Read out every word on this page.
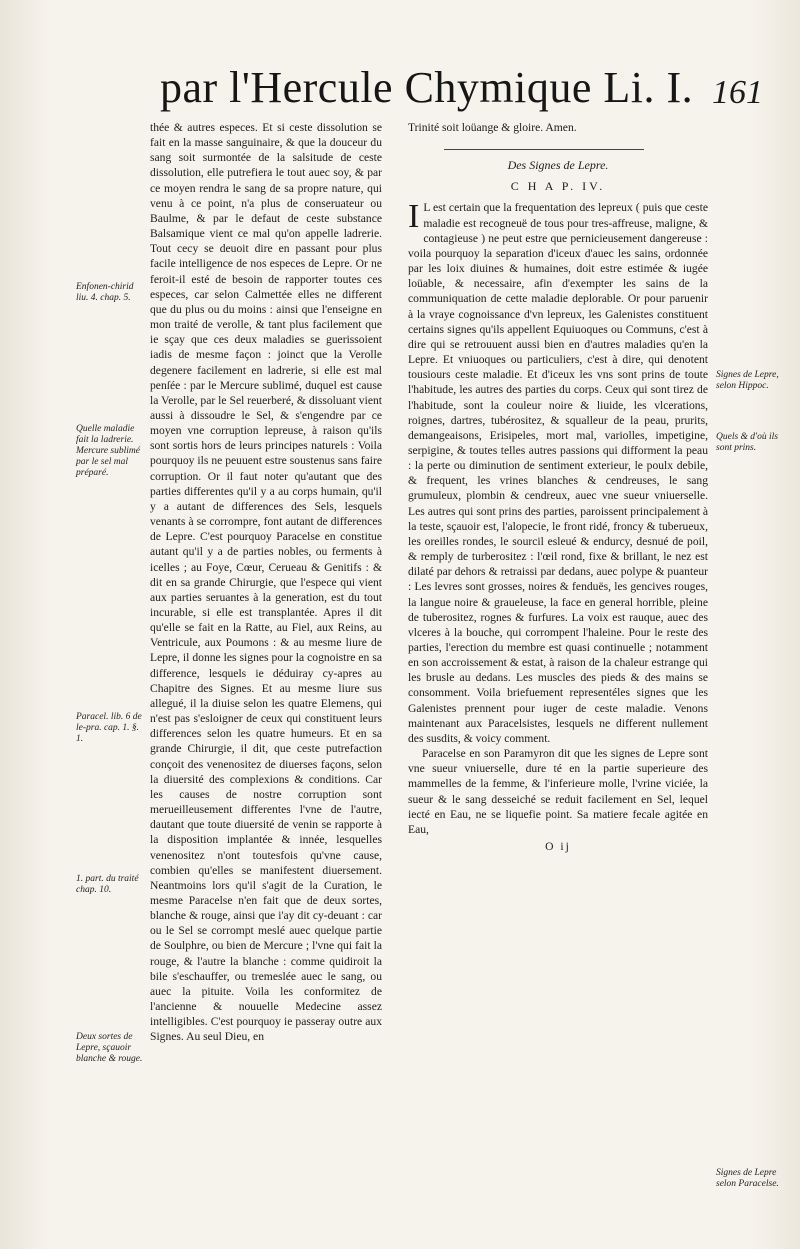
par l'Hercule Chymique Li. I. 161

thée & autres especes. Et si ceste dissolution se fait en la masse sanguinaire, & que la douceur du sang soit surmontée de la salsitude de ceste dissolution, elle putrefiera le tout auec soy, & par ce moyen rendra le sang de sa propre nature, qui venu à ce point, n'a plus de conseruateur ou Baulme, & par le defaut de ceste substance Balsamique vient ce mal qu'on appelle ladrerie. Tout cecy se deuoit dire en passant pour plus facile intelligence de nos especes de Lepre. Or ne feroit-il esté de besoin de rapporter toutes ces especes, car selon Calmettée elles ne different que du plus ou du moins : ainsi que l'enseigne en mon traité de verolle, & tant plus facilement que ie sçay que ces deux maladies se guerissoient iadis de mesme façon : joinct que la Verolle degenere facilement en ladrerie, si elle est mal penſée : par le Mercure sublimé, duquel est cause la Verolle, par le Sel reuerberé, & dissoluant vient aussi à dissoudre le Sel, & s'engendre par ce moyen vne corruption lepreuse, à raison qu'ils sont sortis hors de leurs principes naturels : Voila pourquoy ils ne peuuent estre soustenus sans faire corruption. Or il faut noter qu'autant que des parties differentes qu'il y a au corps humain, qu'il y a autant de differences des Sels, lesquels venants à se corrompre, font autant de differences de Lepre. C'est pourquoy Paracelse en constitue autant qu'il y a de parties nobles, ou ferments à icelles ; au Foye, Cœur, Cerueau & Genitifs : & dit en sa grande Chirurgie, que l'espece qui vient aux parties seruantes à la generation, est du tout incurable, si elle est transplantée. Apres il dit qu'elle se fait en la Ratte, au Fiel, aux Reins, au Ventricule, aux Poumons : & au mesme liure de Lepre, il donne les signes pour la cognoistre en sa difference, lesquels ie déduiray cy-apres au Chapitre des Signes. Et au mesme liure sus allegué, il la diuise selon les quatre Elemens, qui n'est pas s'esloigner de ceux qui constituent leurs differences selon les quatre humeurs. Et en sa grande Chirurgie, il dit, que ceste putrefaction conçoit des venenositez de diuerses façons, selon la diuersité des complexions & conditions. Car les causes de nostre corruption sont merueilleusement differentes l'vne de l'autre, dautant que toute diuersité de venin se rapporte à la disposition implantée & innée, lesquelles venenositez n'ont toutesfois qu'vne cause, combien qu'elles se manifestent diuersement. Neantmoins lors qu'il s'agit de la Curation, le mesme Paracelse n'en fait que de deux sortes, blanche & rouge, ainsi que i'ay dit cy-deuant : car ou le Sel se corrompt meslé auec quelque partie de Soulphre, ou bien de Mercure ; l'vne qui fait la rouge, & l'autre la blanche : comme quidiroit la bile s'eschauffer, ou tremeslée auec le sang, ou auec la pituite. Voila les conformitez de l'ancienne & nouuelle Medecine assez intelligibles. C'est pourquoy ie passeray outre aux Signes. Au seul Dieu, en

Trinité soit loüange & gloire. Amen.

Des Signes de Lepre.
C H A P. IV.

I L est certain que la frequentation des lepreux ( puis que ceste maladie est recogneuë de tous pour tres-affreuse, maligne, & contagieuse ) ne peut estre que pernicieusement dangereuse : voila pourquoy la separation d'iceux d'auec les sains, ordonnée par les loix diuines & humaines, doit estre estimée & iugée loüable, & necessaire, afin d'exempter les sains de la communiquation de cette maladie deplorable. Or pour paruenir à la vraye cognoissance d'vn lepreux, les Galenistes constituent certains signes qu'ils appellent Equiuoques ou Communs, c'est à dire qui se retrouuent aussi bien en d'autres maladies qu'en la Lepre. Et vniuoques ou particuliers, c'est à dire, qui denotent tousiours ceste maladie. Et d'iceux les vns sont prins de toute l'habitude, les autres des parties du corps. Ceux qui sont tirez de l'habitude, sont la couleur noire & liuide, les vlcerations, roignes, dartres, tubérositez, & squalleur de la peau, prurits, demangeaisons, Erisipeles, mort mal, variolles, impetigine, serpigine, & toutes telles autres passions qui difforment la peau : la perte ou diminution de sentiment exterieur, le poulx debile, & frequent, les vrines blanches & cendreuses, le sang grumuleux, plombin & cendreux, auec vne sueur vniuerselle. Les autres qui sont prins des parties, paroissent principalement à la teste, sçauoir est, l'alopecie, le front ridé, froncy & tuberueux, les oreilles rondes, le sourcil esleué & endurcy, desnué de poil, & remply de turberositez : l'œil rond, fixe & brillant, le nez est dilaté par dehors & retraissi par dedans, auec polype & puanteur : Les levres sont grosses, noires & fenduës, les gencives rouges, la langue noire & graueleuse, la face en general horrible, pleine de tuberositez, rognes & furfures. La voix est rauque, auec des vlceres à la bouche, qui corrompent l'haleine. Pour le reste des parties, l'erection du membre est quasi continuelle ; notamment en son accroissement & estat, à raison de la chaleur estrange qui les brusle au dedans. Les muscles des pieds & des mains se consomment. Voila briefuement representéles signes que les Galenistes prennent pour iuger de ceste maladie. Venons maintenant aux Paracelsistes, lesquels ne different nullement des susdits, & voicy comment.

Paracelse en son Paramyron dit que les signes de Lepre sont vne sueur vniuerselle, dure té en la partie superieure des mammelles de la femme, & l'inferieure molle, l'vrine viciée, la sueur & le sang desseiché se reduit facilement en Sel, lequel iecté en Eau, ne se liquefie point. Sa matiere fecale agitée en Eau,

O ij
Enfonen-chirid liu. 4. chap. 5.
Quelle maladie fait la ladrerie. Mercure sublimé par le sel mal préparé.
Paracel. lib. 6 de le-pra. cap. 1. §. 1.
1. part. du traité chap. 10.
Deux sortes de Lepre, sçauoir blanche & rouge.
Signes de Lepre, selon Hippoc.
Quels & d'où ils sont prins.
Signes de Lepre selon Paracelse.
